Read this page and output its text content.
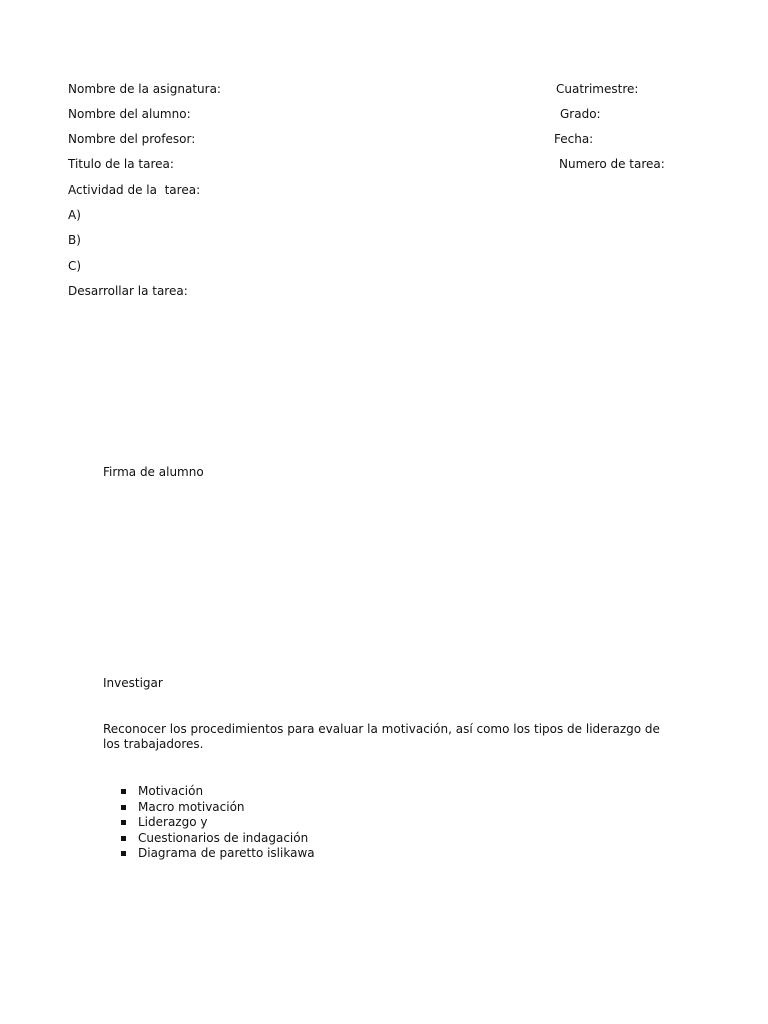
Nombre de la asignatura:
Nombre del alumno:
Nombre del profesor:
Titulo de la tarea:
Actividad de la  tarea:
A)
B)
C)
Desarrollar la tarea:
Cuatrimestre:
Grado:
Fecha:
Numero de tarea:
Firma de alumno
Investigar
Reconocer los procedimientos para evaluar la motivación, así como los tipos de liderazgo de los trabajadores.
Motivación
Macro motivación
Liderazgo y
Cuestionarios de indagación
Diagrama de paretto islikawa
